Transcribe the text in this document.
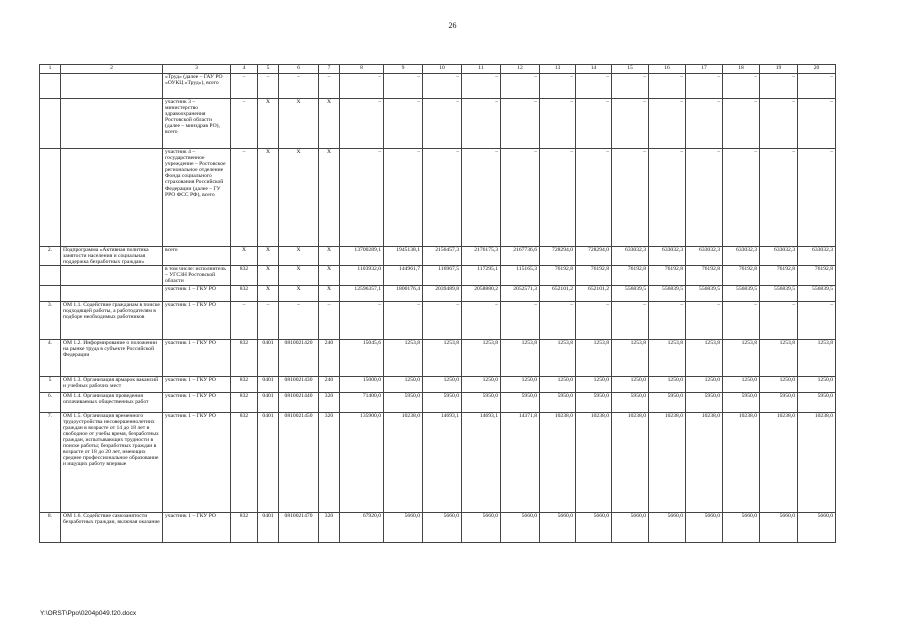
26
1	2	3	4	5	6	7	8	9	10	11	12	13	14	15	16	17	18	19	20
		«Труд» (далее – ГАУ РО «ОУКЦ «Труд»), всего	–	–	–	–	–	–	–	–	–	–	–	–	–	–	–	–	–
		участник 3 – министерство здравоохранения Ростовской области (далее – минздрав РО), всего	–	Х	Х	Х	–	–	–	–	–	–	–	–	–	–	–	–	–
		участник 4 – государственное учреждение – Ростовское региональное отделение Фонда социального страхования Российской Федерации (далее – ГУ РРО ФСС РФ), всего	–	Х	Х	Х	–	–	–	–	–	–	–	–	–	–	–	–	–
2.	Подпрограмма «Активная политика занятости населения и социальная поддержка безработных граждан»	всего	Х	Х	Х	Х	13700289,1	1945138,1	2156457,3	2176175,3	2167736,6	728294,0	728294,0	633032,3	633032,3	633032,3	633032,3	633032,3	633032,3
		в том числе: исполнитель – УГСЗН Ростовской области	832	Х	Х	Х	1103932,0	144961,7	116967,5	117295,1	115165,3	76192,8	76192,8	76192,8	76192,8	76192,8	76192,8	76192,8	76192,8
		участник 1 – ГКУ РО	832	Х	Х	Х	12596357,1	1800176,4	2039489,8	2058880,2	2052571,3	652101,2	652101,2	556839,5	556839,5	556839,5	556839,5	556839,5	556839,5
3.	ОМ 1.1. Содействие гражданам в поиске подходящей работы, а работодателям в подборе необходимых работников	участник 1 – ГКУ РО	–	–	–	–	–	–	–	–	–	–	–	–	–	–	–	–	–
4.	ОМ 1.2. Информирование о положении на рынке труда в субъекте Российской Федерации	участник 1 – ГКУ РО	832	0401	0810021420	240	15045,6	1253,8	1253,8	1253,8	1253,8	1253,8	1253,8	1253,8	1253,8	1253,8	1253,8	1253,8	1253,8
5	ОМ 1.3. Организация ярмарок вакансий и учебных рабочих мест	участник 1 – ГКУ РО	832	0401	0810021430	240	15000,0	1250,0	1250,0	1250,0	1250,0	1250,0	1250,0	1250,0	1250,0	1250,0	1250,0	1250,0	1250,0
6.	ОМ 1.4. Организация проведения оплачиваемых общественных работ	участник 1 – ГКУ РО	832	0401	0810021440	320	71400,0	5950,0	5950,0	5950,0	5950,0	5950,0	5950,0	5950,0	5950,0	5950,0	5950,0	5950,0	5950,0
7.	ОМ 1.5. Организация временного трудоустройства несовершеннолетних граждан в возрасте от 14 до 18 лет в свободное от учебы время, безработных граждан, испытывающих трудности в поиске работы; безработных граждан в возрасте от 18 до 20 лет, имеющих среднее профессиональное образование и ищущих работу впервые	участник 1 – ГКУ РО	832	0401	0810021450	320	135900,0	10238,0	14693,1	14693,1	14371,8	10238,0	10238,0	10238,0	10238,0	10238,0	10238,0	10238,0	10238,0
8.	ОМ 1.6. Содействие самозанятости безработных граждан, включая оказание	участник 1 – ГКУ РО	832	0401	0810021470	320	67920,0	5660,0	5660,0	5660,0	5660,0	5660,0	5660,0	5660,0	5660,0	5660,0	5660,0	5660,0	5660,0
Y:\ORST\Ppo\0204p049.f20.docx
